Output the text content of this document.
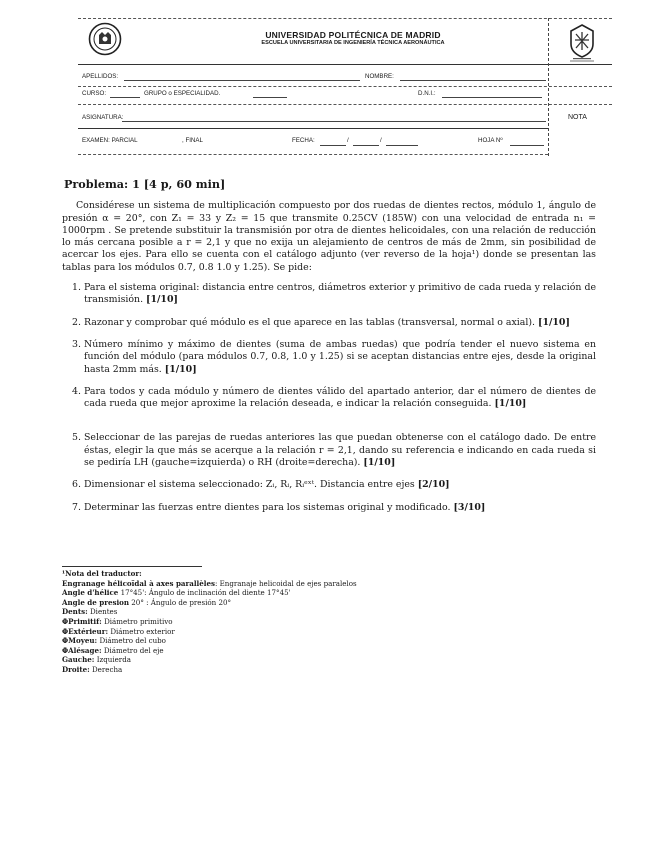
UNIVERSIDAD POLITÉCNICA DE MADRID
ESCUELA UNIVERSITARIA DE INGENIERÍA TÉCNICA AERONÁUTICA
APELLIDOS:	NOMBRE:
CURSO:	GRUPO o ESPECIALIDAD.	D.N.I.:
ASIGNATURA:	NOTA
EXAMEN: PARCIAL	, FINAL	FECHA:	/	/	HOJA Nº
Problema: 1 [4 p, 60 min]

Considérese un sistema de multiplicación compuesto por dos ruedas de dientes rectos, módulo 1, ángulo de presión α = 20°, con Z₁ = 33 y Z₂ = 15 que transmite 0.25CV (185W) con una velocidad de entrada n₁ = 1000rpm . Se pretende substituir la transmisión por otra de dientes helicoidales, con una relación de reducción lo más cercana posible a r = 2,1 y que no exija un alejamiento de centros de más de 2mm, sin posibilidad de acercar los ejes. Para ello se cuenta con el catálogo adjunto (ver reverso de la hoja¹) donde se presentan las tablas para los módulos 0.7, 0.8 1.0 y 1.25). Se pide:

1. Para el sistema original: distancia entre centros, diámetros exterior y primitivo de cada rueda y relación de transmisión. [1/10]
2. Razonar y comprobar qué módulo es el que aparece en las tablas (transversal, normal o axial). [1/10]
3. Número mínimo y máximo de dientes (suma de ambas ruedas) que podría tender el nuevo sistema en función del módulo (para módulos 0.7, 0.8, 1.0 y 1.25) si se aceptan distancias entre ejes, desde la original hasta 2mm más. [1/10]
4. Para todos y cada módulo y número de dientes válido del apartado anterior, dar el número de dientes de cada rueda que mejor aproxime la relación deseada, e indicar la relación conseguida. [1/10]
5. Seleccionar de las parejas de ruedas anteriores las que puedan obtenerse con el catálogo dado. De entre éstas, elegir la que más se acerque a la relación r = 2,1, dando su referencia e indicando en cada rueda si se pediría LH (gauche=izquierda) o RH (droite=derecha). [1/10]
6. Dimensionar el sistema seleccionado: Zᵢ, Rᵢ, Rᵢᵉˣᵗ. Distancia entre ejes [2/10]
7. Determinar las fuerzas entre dientes para los sistemas original y modificado. [3/10]
¹Nota del traductor:
Engranage hélicoïdal à axes parallèles: Engranaje helicoidal de ejes paralelos
Angle d'hélice 17°45': Ángulo de inclinación del diente 17°45'
Angle de presion 20° : Ángulo de presión 20°
Dents: Dientes
ΦPrimitif: Diámetro primitivo
ΦExtérieur: Diámetro exterior
ΦMoyeu: Diámetro del cubo
ΦAlésage: Diámetro del eje
Gauche: Izquierda
Droite: Derecha
